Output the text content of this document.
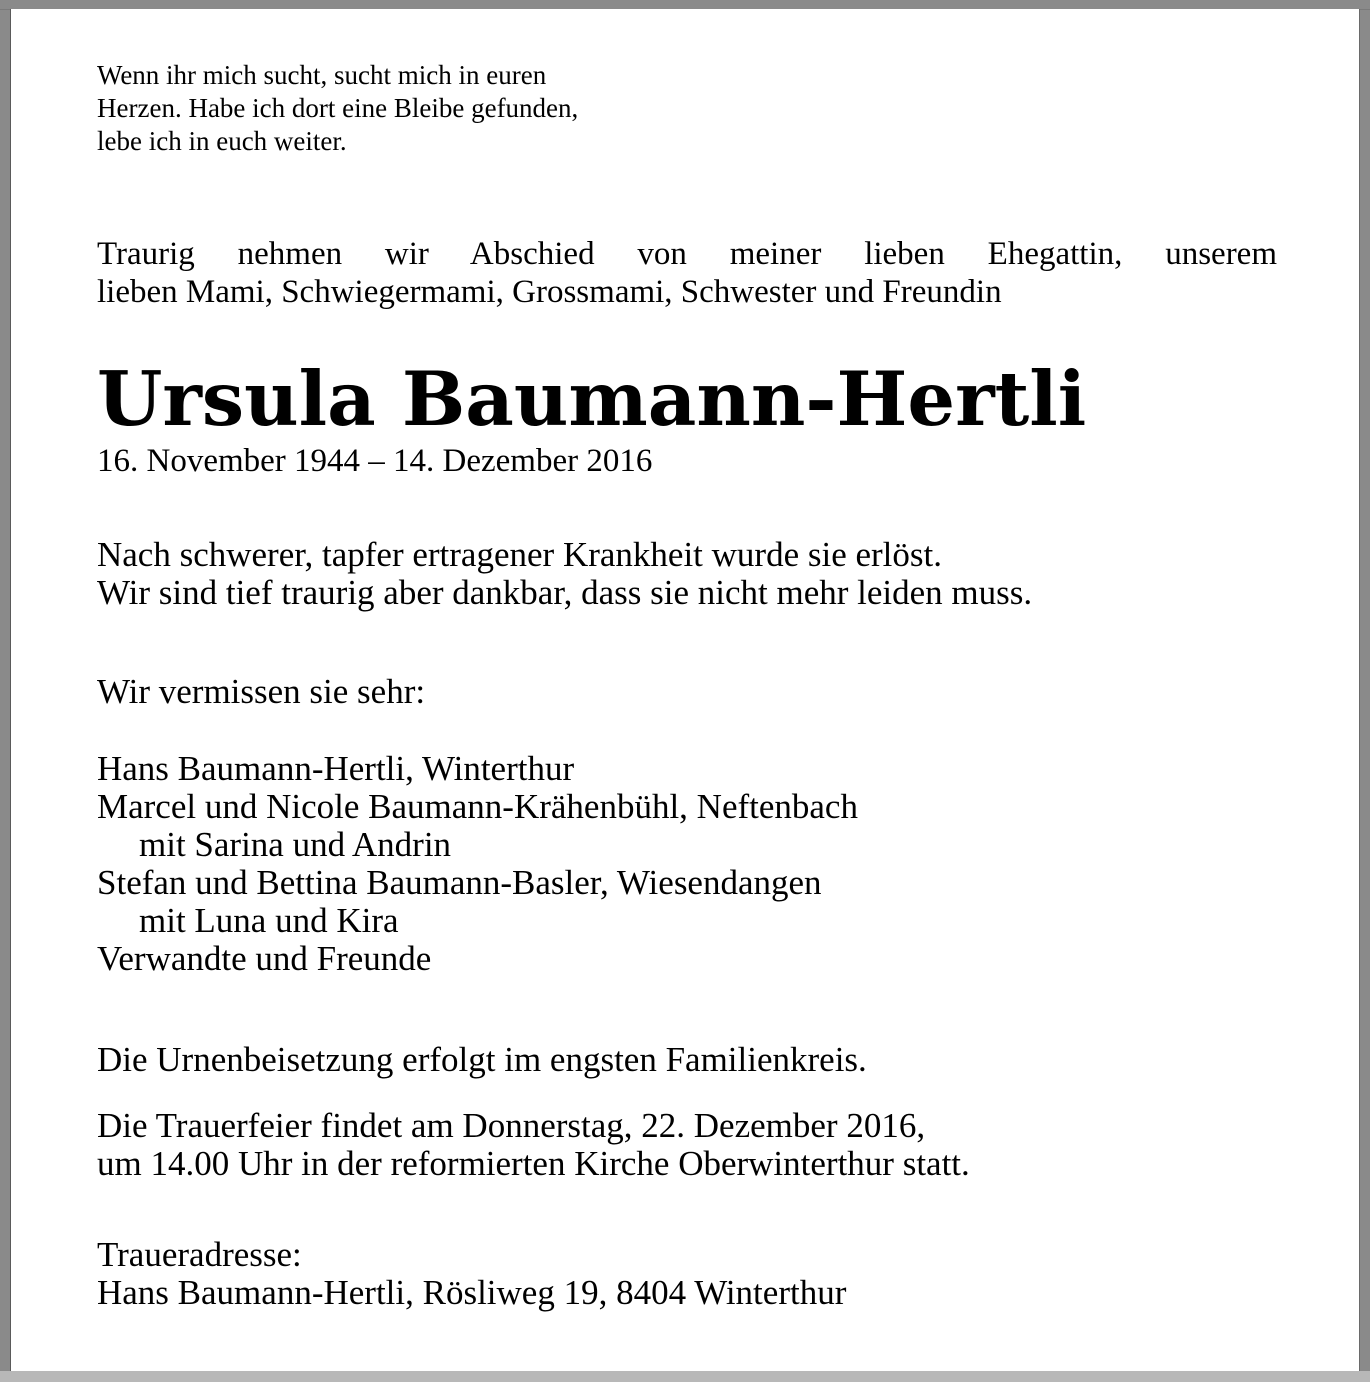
Wenn ihr mich sucht, sucht mich in euren
Herzen. Habe ich dort eine Bleibe gefunden,
lebe ich in euch weiter.

Traurig nehmen wir Abschied von meiner lieben Ehegattin, unserem
lieben Mami, Schwiegermami, Grossmami, Schwester und Freundin

Ursula Baumann-Hertli

16. November 1944 – 14. Dezember 2016

Nach schwerer, tapfer ertragener Krankheit wurde sie erlöst.
Wir sind tief traurig aber dankbar, dass sie nicht mehr leiden muss.

Wir vermissen sie sehr:

Hans Baumann-Hertli, Winterthur
Marcel und Nicole Baumann-Krähenbühl, Neftenbach
mit Sarina und Andrin
Stefan und Bettina Baumann-Basler, Wiesendangen
mit Luna und Kira
Verwandte und Freunde

Die Urnenbeisetzung erfolgt im engsten Familienkreis.

Die Trauerfeier findet am Donnerstag, 22. Dezember 2016,
um 14.00 Uhr in der reformierten Kirche Oberwinterthur statt.

Traueradresse:
Hans Baumann-Hertli, Rösliweg 19, 8404 Winterthur
